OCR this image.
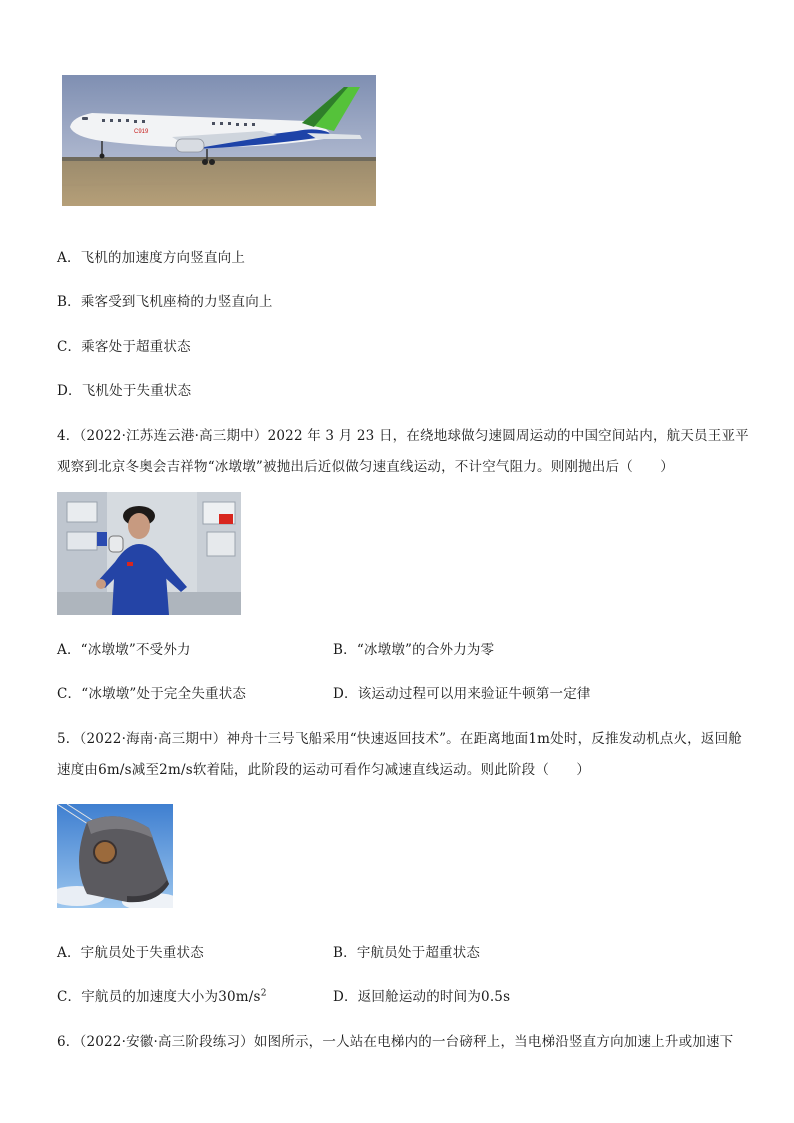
C919
A．飞机的加速度方向竖直向上
B．乘客受到飞机座椅的力竖直向上
C．乘客处于超重状态
D．飞机处于失重状态
4．（2022·江苏连云港·高三期中）2022 年 3 月 23 日，在绕地球做匀速圆周运动的中国空间站内，航天员王亚平
观察到北京冬奥会吉祥物“冰墩墩”被抛出后近似做匀速直线运动，不计空气阻力。则刚抛出后（　　）
A．“冰墩墩”不受外力	B．“冰墩墩”的合外力为零
C．“冰墩墩”处于完全失重状态	D．该运动过程可以用来验证牛顿第一定律
5．（2022·海南·高三期中）神舟十三号飞船采用“快速返回技术”。在距离地面1m处时，反推发动机点火，返回舱
速度由6m/s减至2m/s软着陆，此阶段的运动可看作匀减速直线运动。则此阶段（　　）
A．宇航员处于失重状态	B．宇航员处于超重状态
C．宇航员的加速度大小为$30m/s^2$	D．返回舱运动的时间为0.5s
6．（2022·安徽·高三阶段练习）如图所示，一人站在电梯内的一台磅秤上，当电梯沿竖直方向加速上升或加速下
